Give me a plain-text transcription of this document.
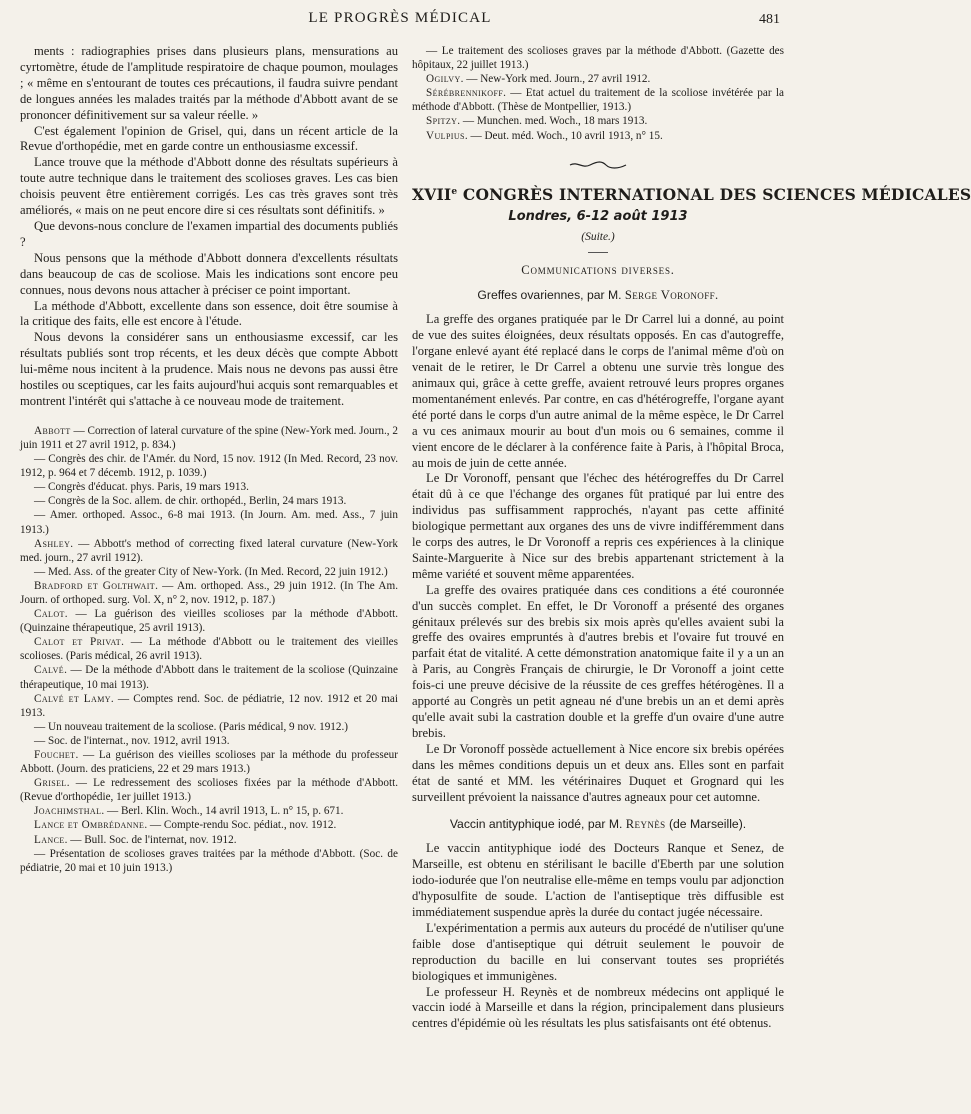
LE PROGRÈS MÉDICAL	481

ments : radiographies prises dans plusieurs plans, mensurations au cyrtomètre, étude de l'amplitude respiratoire de chaque poumon, moulages ; « même en s'entourant de toutes ces précautions, il faudra suivre pendant de longues années les malades traités par la méthode d'Abbott avant de se prononcer définitivement sur sa valeur réelle. »

C'est également l'opinion de Grisel, qui, dans un récent article de la Revue d'orthopédie, met en garde contre un enthousiasme excessif.

Lance trouve que la méthode d'Abbott donne des résultats supérieurs à toute autre technique dans le traitement des scolioses graves. Les cas bien choisis peuvent être entièrement corrigés. Les cas très graves sont très améliorés, « mais on ne peut encore dire si ces résultats sont définitifs. »

Que devons-nous conclure de l'examen impartial des documents publiés ?

Nous pensons que la méthode d'Abbott donnera d'excellents résultats dans beaucoup de cas de scoliose. Mais les indications sont encore peu connues, nous devons nous attacher à préciser ce point important.

La méthode d'Abbott, excellente dans son essence, doit être soumise à la critique des faits, elle est encore à l'étude.

Nous devons la considérer sans un enthousiasme excessif, car les résultats publiés sont trop récents, et les deux décès que compte Abbott lui-même nous incitent à la prudence. Mais nous ne devons pas aussi être hostiles ou sceptiques, car les faits aujourd'hui acquis sont remarquables et montrent l'intérêt qui s'attache à ce nouveau mode de traitement.

Abbott — Correction of lateral curvature of the spine (New-York med. Journ., 2 juin 1911 et 27 avril 1912, p. 834.)

— Congrès des chir. de l'Amér. du Nord, 15 nov. 1912 (In Med. Record, 23 nov. 1912, p. 964 et 7 décemb. 1912, p. 1039.)

— Congrès d'éducat. phys. Paris, 19 mars 1913.

— Congrès de la Soc. allem. de chir. orthopéd., Berlin, 24 mars 1913.

— Amer. orthoped. Assoc., 6-8 mai 1913. (In Journ. Am. med. Ass., 7 juin 1913.)

Ashley. — Abbott's method of correcting fixed lateral curvature (New-York med. journ., 27 avril 1912).

— Med. Ass. of the greater City of New-York. (In Med. Record, 22 juin 1912.)

Bradford et Golthwait. — Am. orthoped. Ass., 29 juin 1912. (In The Am. Journ. of orthoped. surg. Vol. X, n° 2, nov. 1912, p. 187.)

Calot. — La guérison des vieilles scolioses par la méthode d'Abbott. (Quinzaine thérapeutique, 25 avril 1913).

Calot et Privat. — La méthode d'Abbott ou le traitement des vieilles scolioses. (Paris médical, 26 avril 1913).

Calvé. — De la méthode d'Abbott dans le traitement de la scoliose (Quinzaine thérapeutique, 10 mai 1913).

Calvé et Lamy. — Comptes rend. Soc. de pédiatrie, 12 nov. 1912 et 20 mai 1913.

— Un nouveau traitement de la scoliose. (Paris médical, 9 nov. 1912.)

— Soc. de l'internat., nov. 1912, avril 1913.

Fouchet. — La guérison des vieilles scolioses par la méthode du professeur Abbott. (Journ. des praticiens, 22 et 29 mars 1913.)

Grisel. — Le redressement des scolioses fixées par la méthode d'Abbott. (Revue d'orthopédie, 1er juillet 1913.)

Joachimsthal. — Berl. Klin. Woch., 14 avril 1913, L. n° 15, p. 671.

Lance et Ombrédanne. — Compte-rendu Soc. pédiat., nov. 1912.

Lance. — Bull. Soc. de l'internat, nov. 1912.

— Présentation de scolioses graves traitées par la méthode d'Abbott. (Soc. de pédiatrie, 20 mai et 10 juin 1913.)

— Le traitement des scolioses graves par la méthode d'Abbott. (Gazette des hôpitaux, 22 juillet 1913.)

Ogilvy. — New-York med. Journ., 27 avril 1912.

Sérébrennikoff. — Etat actuel du traitement de la scoliose invétérée par la méthode d'Abbott. (Thèse de Montpellier, 1913.)

Spitzy. — Munchen. med. Woch., 18 mars 1913.

Vulpius. — Deut. méd. Woch., 10 avril 1913, n° 15.

XVIIe CONGRÈS INTERNATIONAL DES SCIENCES MÉDICALES
Londres, 6-12 août 1913
(Suite.)
Communications diverses.
Greffes ovariennes, par M. Serge Voronoff.

La greffe des organes pratiquée par le Dr Carrel lui a donné, au point de vue des suites éloignées, deux résultats opposés. En cas d'autogreffe, l'organe enlevé ayant été replacé dans le corps de l'animal même d'où on venait de le retirer, le Dr Carrel a obtenu une survie très longue des animaux qui, grâce à cette greffe, avaient retrouvé leurs propres organes momentanément enlevés. Par contre, en cas d'hétérogreffe, l'organe ayant été porté dans le corps d'un autre animal de la même espèce, le Dr Carrel a vu ces animaux mourir au bout d'un mois ou 6 semaines, comme il vient encore de le déclarer à la conférence faite à Paris, à l'hôpital Broca, au mois de juin de cette année.

Le Dr Voronoff, pensant que l'échec des hétérogreffes du Dr Carrel était dû à ce que l'échange des organes fût pratiqué par lui entre des individus pas suffisamment rapprochés, n'ayant pas cette affinité biologique permettant aux organes des uns de vivre indifféremment dans le corps des autres, le Dr Voronoff a repris ces expériences à la clinique Sainte-Marguerite à Nice sur des brebis appartenant strictement à la même variété et souvent même apparentées.

La greffe des ovaires pratiquée dans ces conditions a été couronnée d'un succès complet. En effet, le Dr Voronoff a présenté des organes génitaux prélevés sur des brebis six mois après qu'elles avaient subi la greffe des ovaires empruntés à d'autres brebis et l'ovaire fut trouvé en parfait état de vitalité. A cette démonstration anatomique faite il y a un an à Paris, au Congrès Français de chirurgie, le Dr Voronoff a joint cette fois-ci une preuve décisive de la réussite de ces greffes hétérogènes. Il a apporté au Congrès un petit agneau né d'une brebis un an et demi après qu'elle avait subi la castration double et la greffe d'un ovaire d'une autre brebis.

Le Dr Voronoff possède actuellement à Nice encore six brebis opérées dans les mêmes conditions depuis un et deux ans. Elles sont en parfait état de santé et MM. les vétérinaires Duquet et Grognard qui les surveillent prévoient la naissance d'autres agneaux pour cet automne.

Vaccin antityphique iodé, par M. Reynès (de Marseille).

Le vaccin antityphique iodé des Docteurs Ranque et Senez, de Marseille, est obtenu en stérilisant le bacille d'Eberth par une solution iodo-iodurée que l'on neutralise elle-même en temps voulu par adjonction d'hyposulfite de soude. L'action de l'antiseptique très diffusible est immédiatement suspendue après la durée du contact jugée nécessaire.

L'expérimentation a permis aux auteurs du procédé de n'utiliser qu'une faible dose d'antiseptique qui détruit seulement le pouvoir de reproduction du bacille en lui conservant toutes ses propriétés biologiques et immunigènes.

Le professeur H. Reynès et de nombreux médecins ont appliqué le vaccin iodé à Marseille et dans la région, principalement dans plusieurs centres d'épidémie où les résultats les plus satisfaisants ont été obtenus.
